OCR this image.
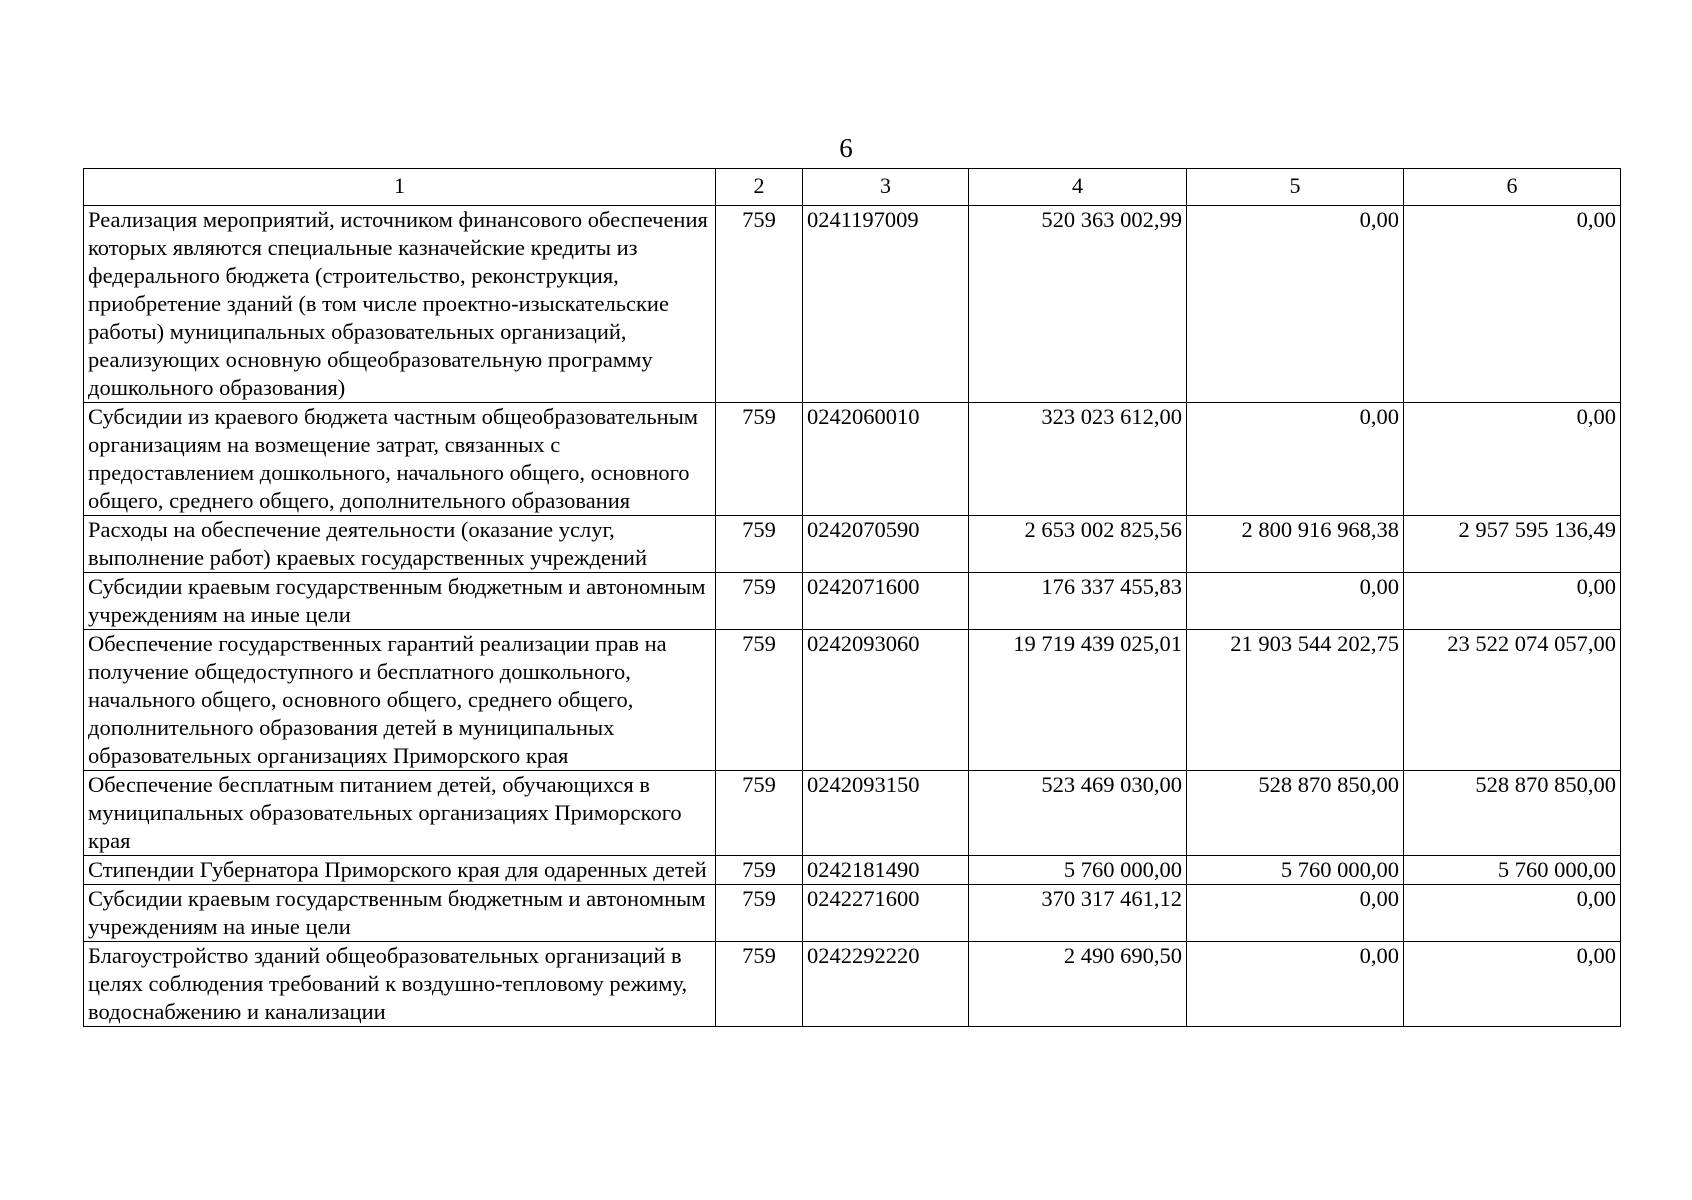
6
1	2	3	4	5	6
Реализация мероприятий, источником финансового обеспечения которых являются специальные казначейские кредиты из федерального бюджета (строительство, реконструкция, приобретение зданий (в том числе проектно-изыскательские работы) муниципальных образовательных организаций, реализующих основную общеобразовательную программу дошкольного образования)	759	0241197009	520 363 002,99	0,00	0,00
Субсидии из краевого бюджета частным общеобразовательным организациям на возмещение затрат, связанных с предоставлением дошкольного, начального общего, основного общего, среднего общего, дополнительного образования	759	0242060010	323 023 612,00	0,00	0,00
Расходы на обеспечение деятельности (оказание услуг, выполнение работ) краевых государственных учреждений	759	0242070590	2 653 002 825,56	2 800 916 968,38	2 957 595 136,49
Субсидии краевым государственным бюджетным и автономным учреждениям на иные цели	759	0242071600	176 337 455,83	0,00	0,00
Обеспечение государственных гарантий реализации прав на получение общедоступного и бесплатного дошкольного, начального общего, основного общего, среднего общего, дополнительного образования детей в муниципальных образовательных организациях Приморского края	759	0242093060	19 719 439 025,01	21 903 544 202,75	23 522 074 057,00
Обеспечение бесплатным питанием детей, обучающихся в муниципальных образовательных организациях Приморского края	759	0242093150	523 469 030,00	528 870 850,00	528 870 850,00
Стипендии Губернатора Приморского края для одаренных детей	759	0242181490	5 760 000,00	5 760 000,00	5 760 000,00
Субсидии краевым государственным бюджетным и автономным учреждениям на иные цели	759	0242271600	370 317 461,12	0,00	0,00
Благоустройство зданий общеобразовательных организаций в целях соблюдения требований к воздушно-тепловому режиму, водоснабжению и канализации	759	0242292220	2 490 690,50	0,00	0,00
